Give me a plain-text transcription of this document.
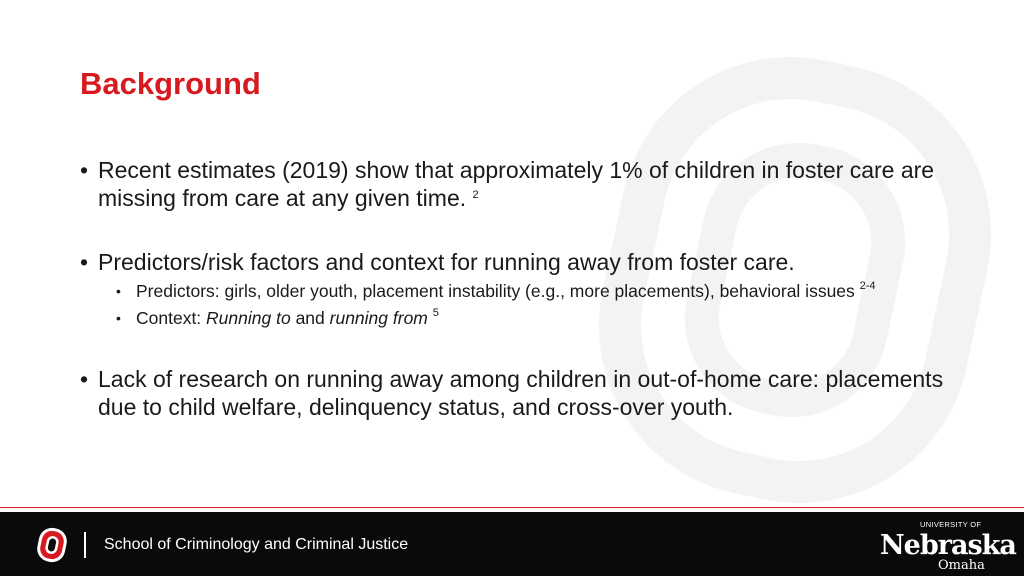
Background
• Recent estimates (2019) show that approximately 1% of children in foster care are missing from care at any given time. $^2$
• Predictors/risk factors and context for running away from foster care.
• Predictors: girls, older youth, placement instability (e.g., more placements), behavioral issues $^{2-4}$
• Context: Running to and running from $^5$
• Lack of research on running away among children in out-of-home care: placements due to child welfare, delinquency status, and cross-over youth.
School of Criminology and Criminal Justice
UNIVERSITY OF
Nebraska
Omaha
